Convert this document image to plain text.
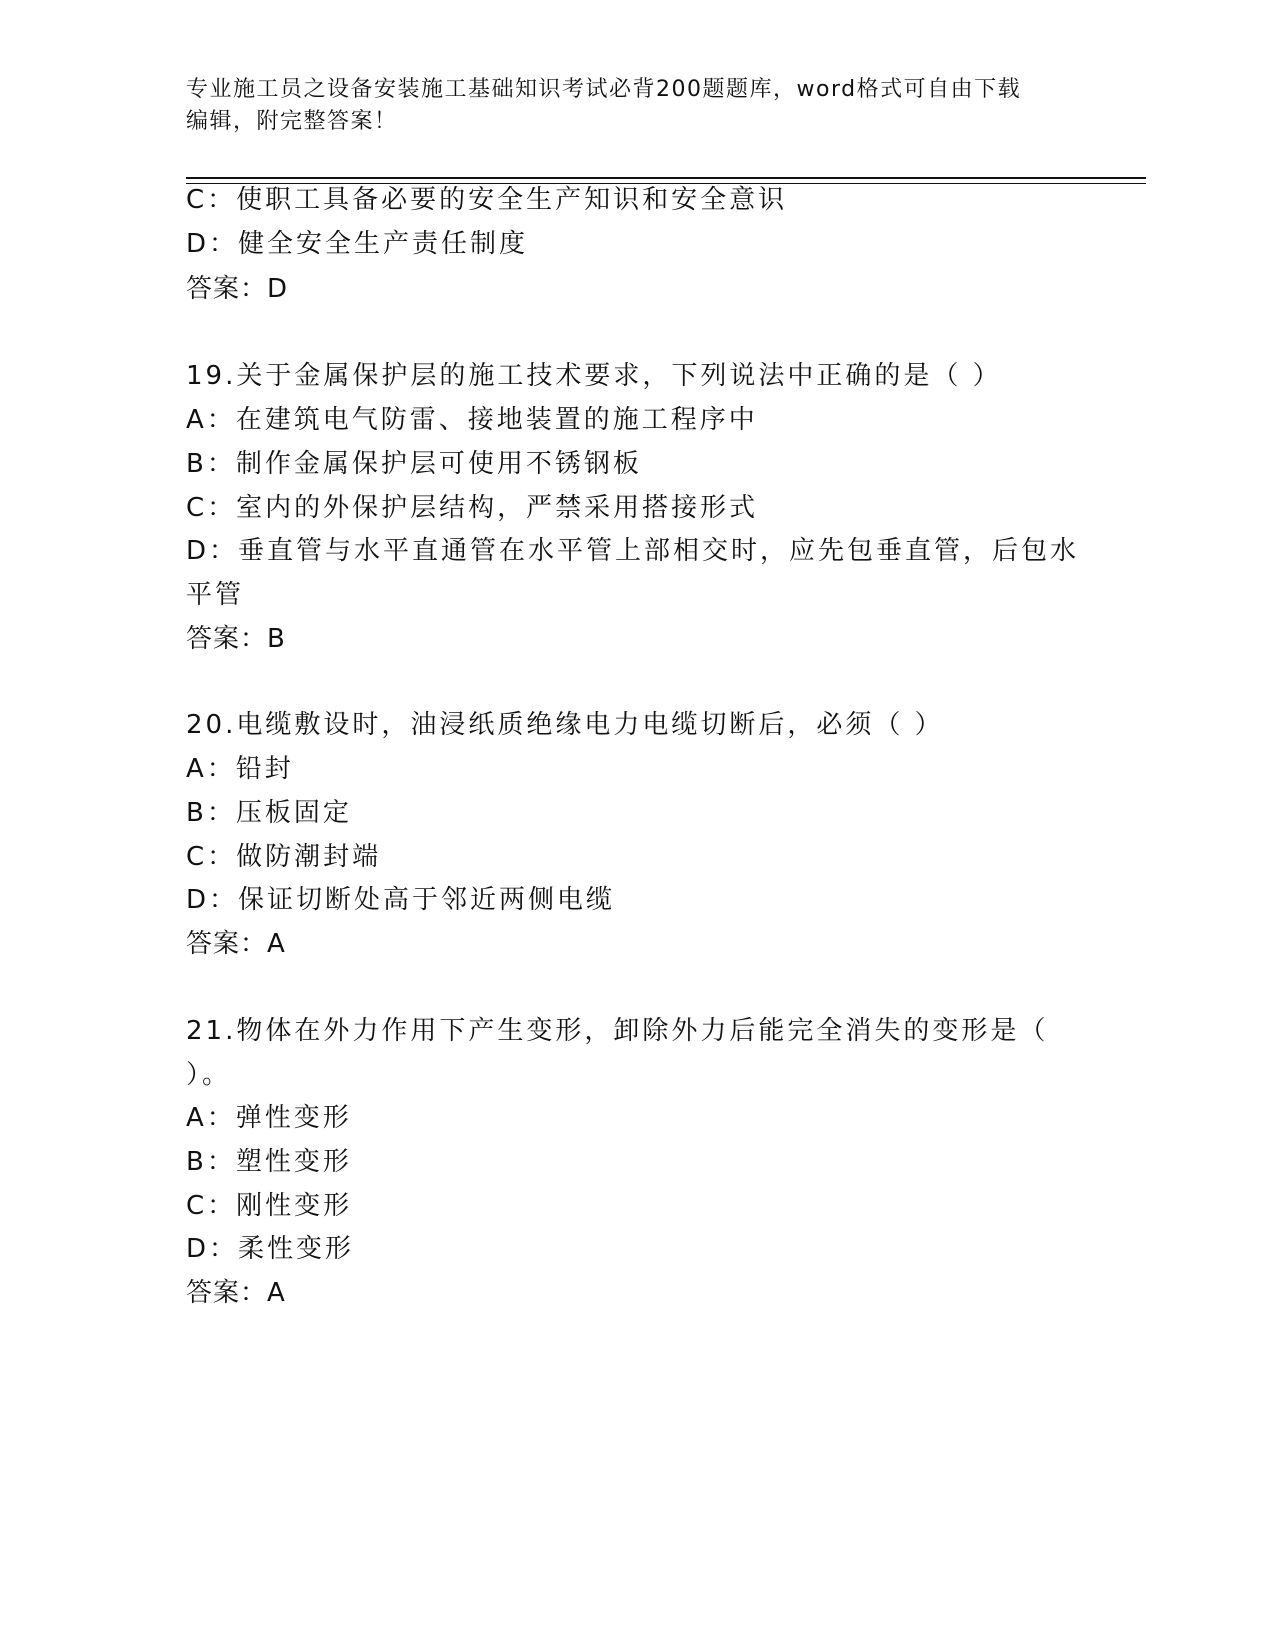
专业施工员之设备安装施工基础知识考试必背200题题库，word格式可自由下载
编辑，附完整答案！
C：使职工具备必要的安全生产知识和安全意识
D：健全安全生产责任制度
答案：D
19.关于金属保护层的施工技术要求，下列说法中正确的是（ ）
A：在建筑电气防雷、接地装置的施工程序中
B：制作金属保护层可使用不锈钢板
C：室内的外保护层结构，严禁采用搭接形式
D：垂直管与水平直通管在水平管上部相交时，应先包垂直管，后包水
平管
答案：B
20.电缆敷设时，油浸纸质绝缘电力电缆切断后，必须（ ）
A：铅封
B：压板固定
C：做防潮封端
D：保证切断处高于邻近两侧电缆
答案：A
21.物体在外力作用下产生变形，卸除外力后能完全消失的变形是（
）。
A：弹性变形
B：塑性变形
C：刚性变形
D：柔性变形
答案：A
